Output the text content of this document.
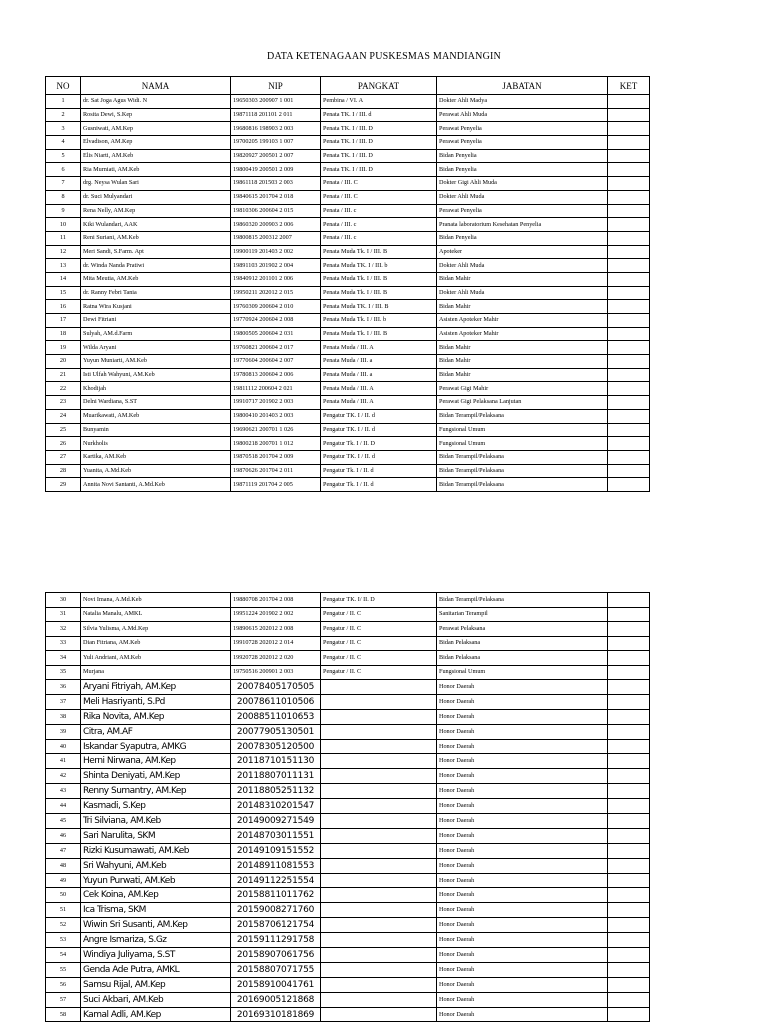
DATA KETENAGAAN PUSKESMAS MANDIANGIN
NO	NAMA	NIP	PANGKAT	JABATAN	KET
1	dr. Sat Joga Agus Widi. N	19650303 200907 1 001	Pembina / VI. A	Dokter Ahli Madya	
2	Rosita Dewi, S.Kep	19871118 201101 2 011	Penata TK. I / III. d	Perawat Ahli Muda	
3	Gusniwati, AM.Kep	19680816 198903 2 003	Penata TK. I / III. D	Perawat Penyelia	
4	Elvadison, AM.Kep	19700205 199103 1 007	Penata TK. I / III. D	Perawat Penyelia	
5	Elis Niarti, AM.Keb	19820927 200501 2 007	Penata TK. I / III. D	Bidan Penyelia	
6	Ria Murniati, AM.Keb	19800419 200501 2 009	Penata TK. I / III. D	Bidan Penyelia	
7	drg. Neysa Wulan Sari	19861118 201503 2 003	Penata / III. C	Dokter Gigi Ahli Muda	
8	dr. Suci Mulyandari	19840615 201704 2 018	Penata / III. C	Dokter Ahli Muda	
9	Rena Nelly, AM.Kep	19810306 200604 2 015	Penata / III. c	Perawat Penyelia	
10	Kiki Wulandari, AAK	19860320 200903 2 006	Penata / III. c	Pranata laboratorium Kesehatan Penyelia	
11	Reni Suriani, AM.Keb	19800815 200312 2007	Penata / III. c	Bidan Penyelia	
12	Meri Sandi, S.Farm. Apt	19900119 201403 2 002	Penata Muda Tk. I / III. B	Apoteker	
13	dr. Winda Nanda Pratiwi	19891103 201902 2 004	Penata Muda TK. I / III. b	Dokter Ahli Muda	
14	Mita Meutia, AM.Keb	19840912 201101 2 006	Penata Muda Tk. I / III. B	Bidan Mahir	
15	dr. Ranny Febri Tania	19950211 202012 2 015	Penata Muda Tk. I / III. B	Dokter Ahli Muda	
16	Ratna Wira Kusjani	19760309 200604 2 010	Penata Muda TK. I / III. B	Bidan Mahir	
17	Dewi Fitriani	19770924 200604 2 008	Penata Muda Tk. I / III. b	Asisten Apoteker Mahir	
18	Sulyah, AM.d.Farm	19800505 200604 2 031	Penata Muda Tk. I / III. B	Asisten Apoteker Mahir	
19	Wilda Aryani	19760821 200604 2 017	Penata Muda / III. A	Bidan Mahir	
20	Yuyun Muniarti, AM.Keb	19770604 200604 2 007	Penata Muda / III. a	Bidan Mahir	
21	Isti Ulfah Wahyuni, AM.Keb	19780813 200604 2 006	Penata Muda / III. a	Bidan Mahir	
22	Khodijah	19811112 200604 2 021	Penata Muda / III. A	Perawat Gigi Mahir	
23	Delni Wardiana, S.ST	19910717 201902 2 003	Penata Muda / III. A	Perawat Gigi Pelaksana Lanjutan	
24	Muarikawati, AM.Keb	19800410 201403 2 003	Pengatur TK. I / II. d	Bidan Terampil/Pelaksana	
25	Bunyamin	19690621 200701 1 026	Pengatur TK. I / II. d	Fungsional Umum	
26	Nurkholis	19800218 200701 1 012	Pengatur Tk. I / II. D	Fungsional Umum	
27	Kartika, AM.Keb	19870518 201704 2 009	Pengatur TK. I / II. d	Bidan Terampil/Pelaksana	
28	Yuanita, A.Md.Keb	19870626 201704 2 011	Pengatur Tk. I / II. d	Bidan Terampil/Pelaksana	
29	Annita Novi Santanti, A.Md.Keb	19871119 201704 2 005	Pengatur Tk. I / II. d	Bidan Terampil/Pelaksana	
30	Novi Imana, A.Md.Keb	19880708 201704 2 008	Pengatur TK. I/ II. D	Bidan Terampil/Pelaksana	
31	Natalia Manalu, AMKL	19951224 201902 2 002	Pengatur / II. C	Sanitarian Terampil	
32	Silvia Yulisma, A.Md.Kep	19890615 202012 2 008	Pengatur / II. C	Perawat Pelaksana	
33	Dian Fitriana, AM.Keb	19910728 202012 2 014	Pengatur / II. C	Bidan Pelaksana	
34	Yuli Andriani, AM.Keb	19920728 202012 2 020	Pengatur / II. C	Bidan Pelaksana	
35	Murjana	19750516 200901 2 003	Pengatur / II. C	Fungsional Umum	
36	Aryani Fitriyah, AM.Kep	20078405170505		Honor Daerah	
37	Meli Hasriyanti, S.Pd	20078611010506		Honor Daerah	
38	Rika Novita, AM.Kep	20088511010653		Honor Daerah	
39	Citra, AM.AF	20077905130501		Honor Daerah	
40	Iskandar Syaputra, AMKG	20078305120500		Honor Daerah	
41	Herni Nirwana, AM.Kep	20118710151130		Honor Daerah	
42	Shinta Deniyati, AM.Kep	20118807011131		Honor Daerah	
43	Renny Sumantry, AM.Kep	20118805251132		Honor Daerah	
44	Kasmadi, S.Kep	20148310201547		Honor Daerah	
45	Tri Silviana, AM.Keb	20149009271549		Honor Daerah	
46	Sari Narulita, SKM	20148703011551		Honor Daerah	
47	Rizki Kusumawati, AM.Keb	20149109151552		Honor Daerah	
48	Sri Wahyuni, AM.Keb	20148911081553		Honor Daerah	
49	Yuyun Purwati, AM.Keb	20149112251554		Honor Daerah	
50	Cek Koina, AM.Kep	20158811011762		Honor Daerah	
51	Ica Trisma, SKM	20159008271760		Honor Daerah	
52	Wiwin Sri Susanti, AM.Kep	20158706121754		Honor Daerah	
53	Angre Ismariza, S.Gz	20159111291758		Honor Daerah	
54	Windiya Juliyama, S.ST	20158907061756		Honor Daerah	
55	Genda Ade Putra, AMKL	20158807071755		Honor Daerah	
56	Samsu Rijal, AM.Kep	20158910041761		Honor Daerah	
57	Suci Akbari, AM.Keb	20169005121868		Honor Daerah	
58	Kamal Adli, AM.Kep	20169310181869		Honor Daerah	
